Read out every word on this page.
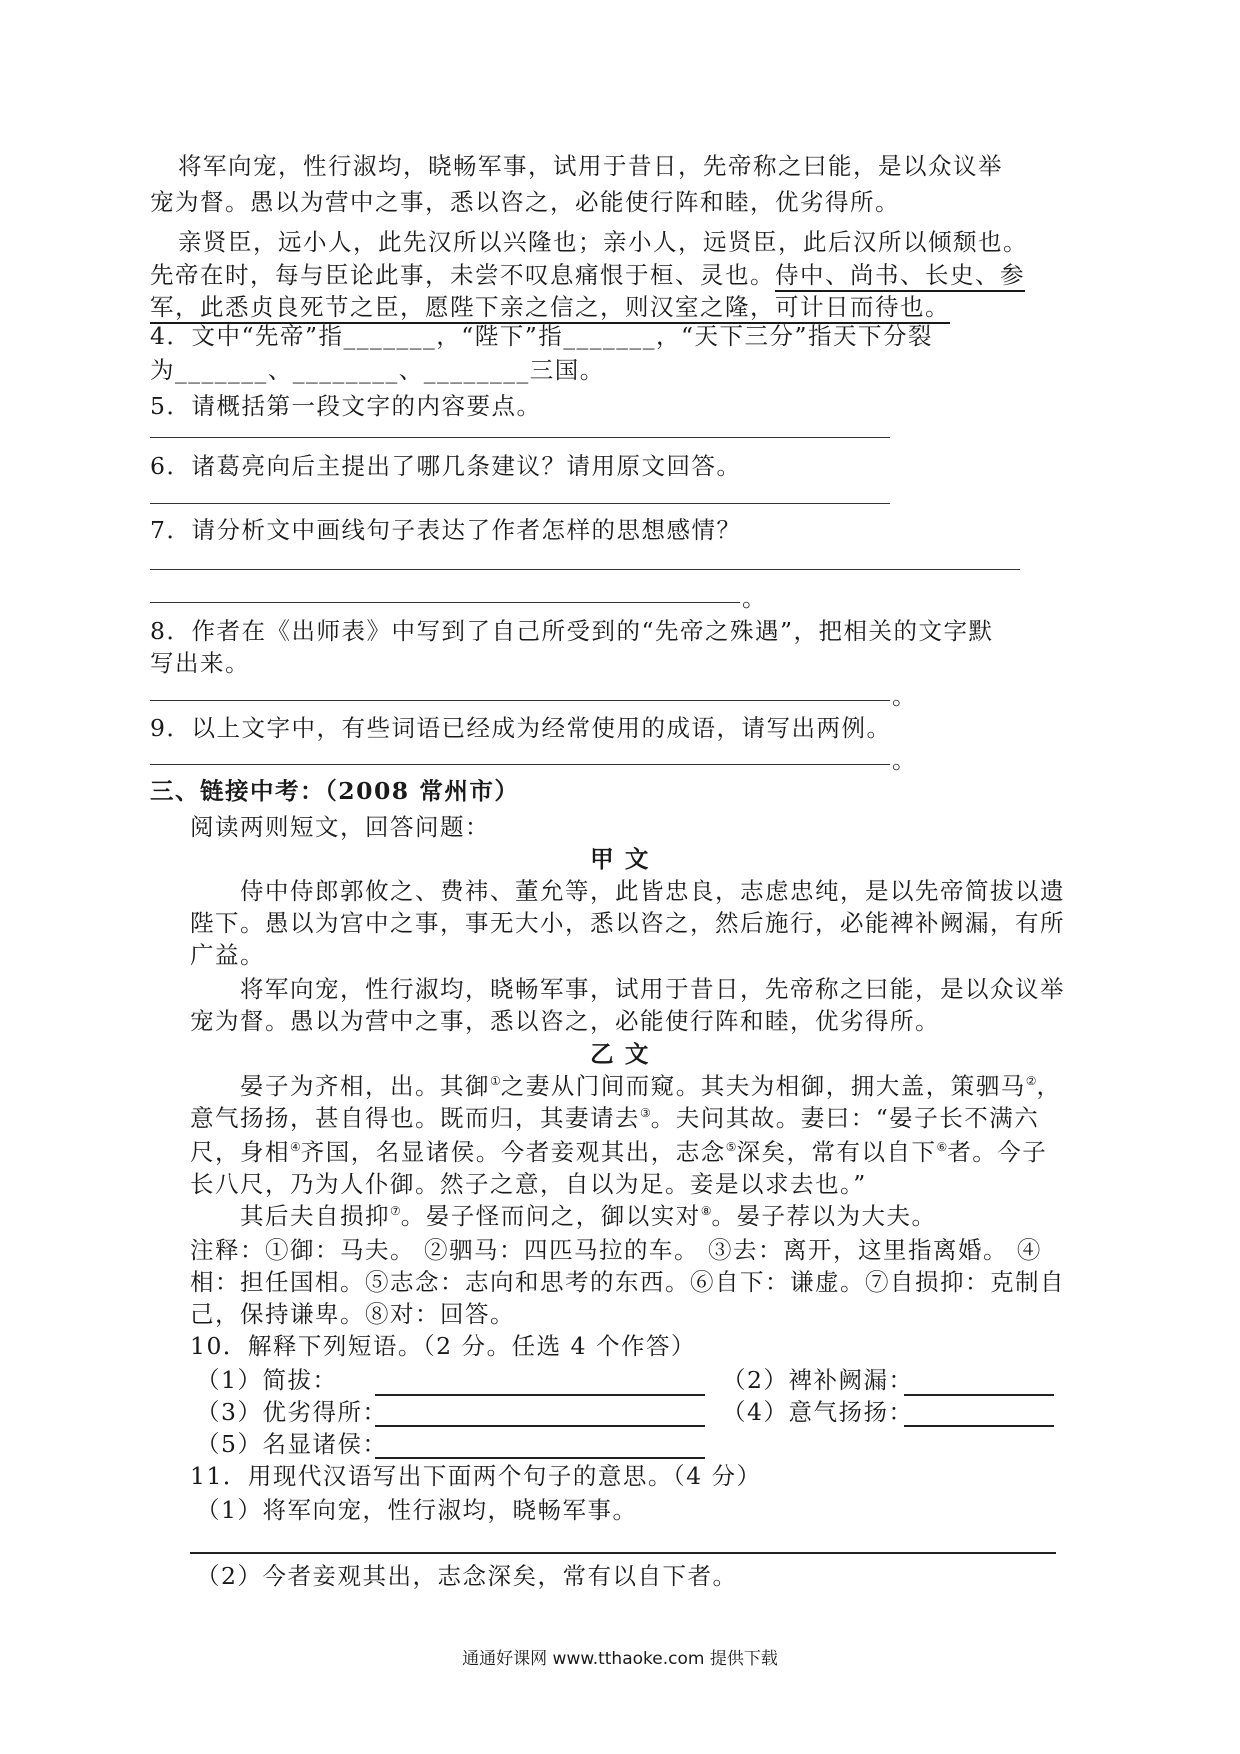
将军向宠，性行淑均，晓畅军事，试用于昔日，先帝称之曰能，是以众议举
宠为督。愚以为营中之事，悉以咨之，必能使行阵和睦，优劣得所。
亲贤臣，远小人，此先汉所以兴隆也；亲小人，远贤臣，此后汉所以倾颓也。
先帝在时，每与臣论此事，未尝不叹息痛恨于桓、灵也。侍中、尚书、长史、参
军，此悉贞良死节之臣，愿陛下亲之信之，则汉室之隆，可计日而待也。
4．文中“先帝”指_______，“陛下”指_______，“天下三分”指天下分裂
为_______、________、________三国。
5．请概括第一段文字的内容要点。
6．诸葛亮向后主提出了哪几条建议？请用原文回答。
7．请分析文中画线句子表达了作者怎样的思想感情？
。
8．作者在《出师表》中写到了自己所受到的“先帝之殊遇”，把相关的文字默
写出来。
。
9．以上文字中，有些词语已经成为经常使用的成语，请写出两例。
。
三、链接中考：（2008 常州市）
阅读两则短文，回答问题：
甲 文
侍中侍郎郭攸之、费祎、董允等，此皆忠良，志虑忠纯，是以先帝简拔以遗
陛下。愚以为宫中之事，事无大小，悉以咨之，然后施行，必能裨补阙漏，有所
广益。
将军向宠，性行淑均，晓畅军事，试用于昔日，先帝称之曰能，是以众议举
宠为督。愚以为营中之事，悉以咨之，必能使行阵和睦，优劣得所。
乙 文
晏子为齐相，出。其御①之妻从门间而窥。其夫为相御，拥大盖，策驷马②，
意气扬扬，甚自得也。既而归，其妻请去③。夫问其故。妻曰：“晏子长不满六
尺，身相④齐国，名显诸侯。今者妾观其出，志念⑤深矣，常有以自下⑥者。今子
长八尺，乃为人仆御。然子之意，自以为足。妾是以求去也。”
其后夫自损抑⑦。晏子怪而问之，御以实对⑧。晏子荐以为大夫。
注释：①御：马夫。 ②驷马：四匹马拉的车。 ③去：离开，这里指离婚。 ④
相：担任国相。⑤志念：志向和思考的东西。⑥自下：谦虚。⑦自损抑：克制自
己，保持谦卑。⑧对：回答。
10．解释下列短语。（2 分。任选 4 个作答）
（1）简拔：	（2）裨补阙漏：
（3）优劣得所：	（4）意气扬扬：
（5）名显诸侯：
11．用现代汉语写出下面两个句子的意思。（4 分）
（1）将军向宠，性行淑均，晓畅军事。
（2）今者妾观其出，志念深矣，常有以自下者。
通通好课网 www.tthaoke.com 提供下载
